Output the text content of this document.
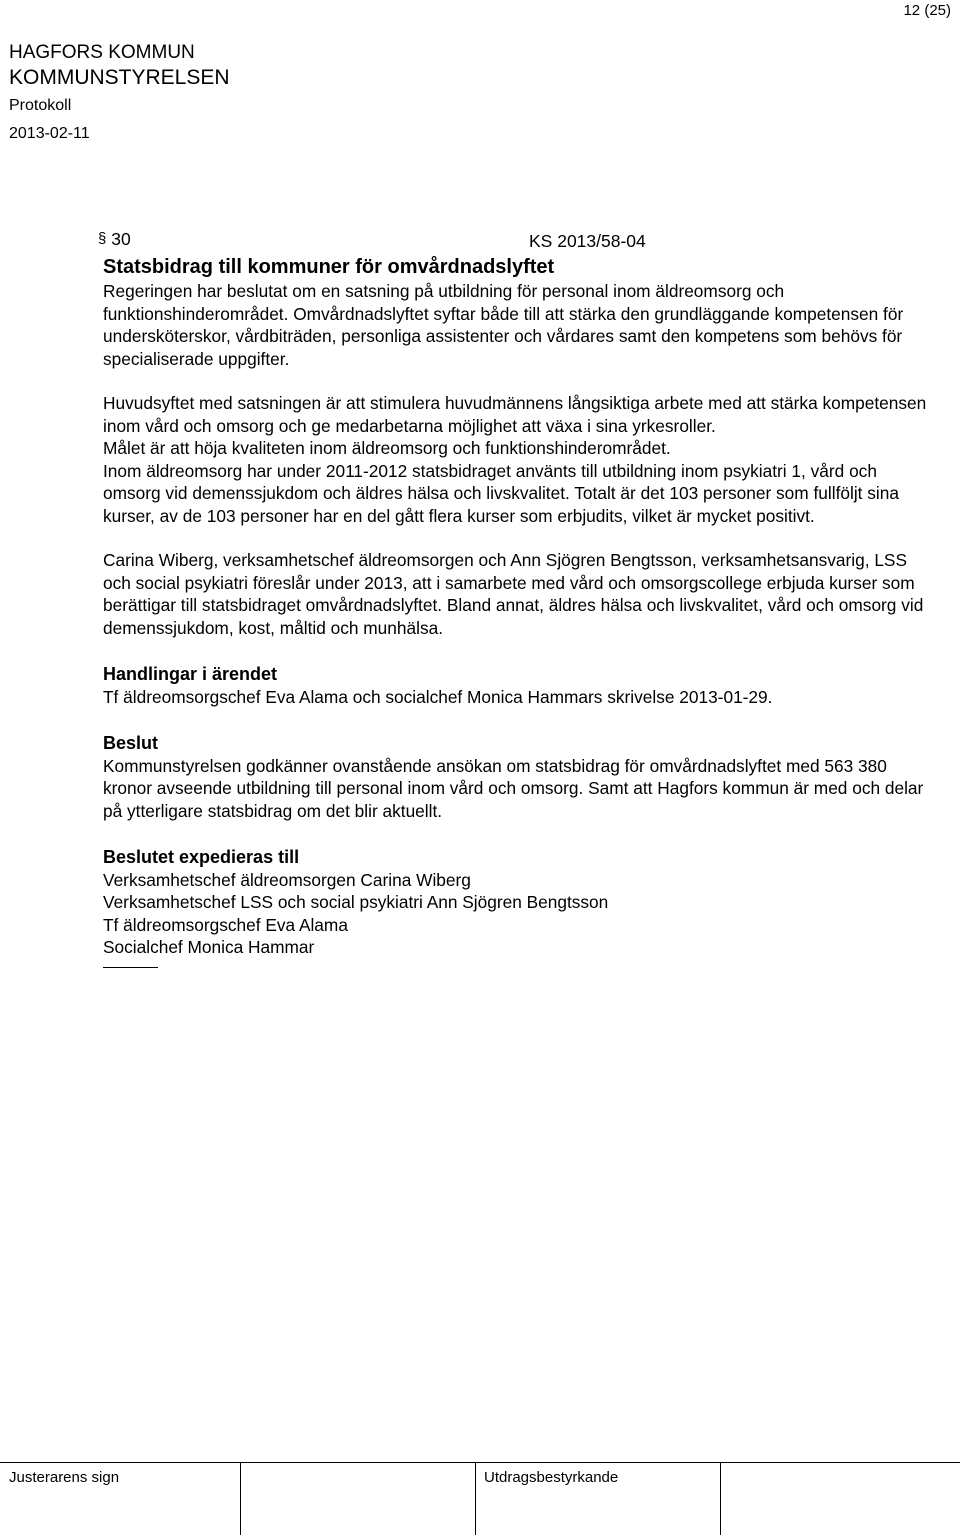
12 (25)
HAGFORS KOMMUN
KOMMUNSTYRELSEN
Protokoll
2013-02-11
§ 30	KS 2013/58-04
Statsbidrag till kommuner för omvårdnadslyftet

Regeringen har beslutat om en satsning på utbildning för personal inom äldreomsorg och funktionshinderområdet. Omvårdnadslyftet syftar både till att stärka den grundläggande kompetensen för undersköterskor, vårdbiträden, personliga assistenter och vårdares samt den kompetens som behövs för specialiserade uppgifter.

Huvudsyftet med satsningen är att stimulera huvudmännens långsiktiga arbete med att stärka kompetensen inom vård och omsorg och ge medarbetarna möjlighet att växa i sina yrkesroller.

Målet är att höja kvaliteten inom äldreomsorg och funktionshinderområdet.

Inom äldreomsorg har under 2011-2012 statsbidraget använts till utbildning inom psykiatri 1, vård och omsorg vid demenssjukdom och äldres hälsa och livskvalitet. Totalt är det 103 personer som fullföljt sina kurser, av de 103 personer har en del gått flera kurser som erbjudits, vilket är mycket positivt.

Carina Wiberg, verksamhetschef äldreomsorgen och Ann Sjögren Bengtsson, verksamhetsansvarig, LSS och social psykiatri föreslår under 2013, att i samarbete med vård och omsorgscollege erbjuda kurser som berättigar till statsbidraget omvårdnadslyftet. Bland annat, äldres hälsa och livskvalitet, vård och omsorg vid demenssjukdom, kost, måltid och munhälsa.

Handlingar i ärendet

Tf äldreomsorgschef Eva Alama och socialchef Monica Hammars skrivelse 2013-01-29.

Beslut

Kommunstyrelsen godkänner ovanstående ansökan om statsbidrag för omvårdnadslyftet med 563 380 kronor avseende utbildning till personal inom vård och omsorg. Samt att Hagfors kommun är med och delar på ytterligare statsbidrag om det blir aktuellt.

Beslutet expedieras till
Verksamhetschef äldreomsorgen Carina Wiberg
Verksamhetschef LSS och social psykiatri Ann Sjögren Bengtsson
Tf äldreomsorgschef Eva Alama
Socialchef Monica Hammar
Justerarens sign	Utdragsbestyrkande
